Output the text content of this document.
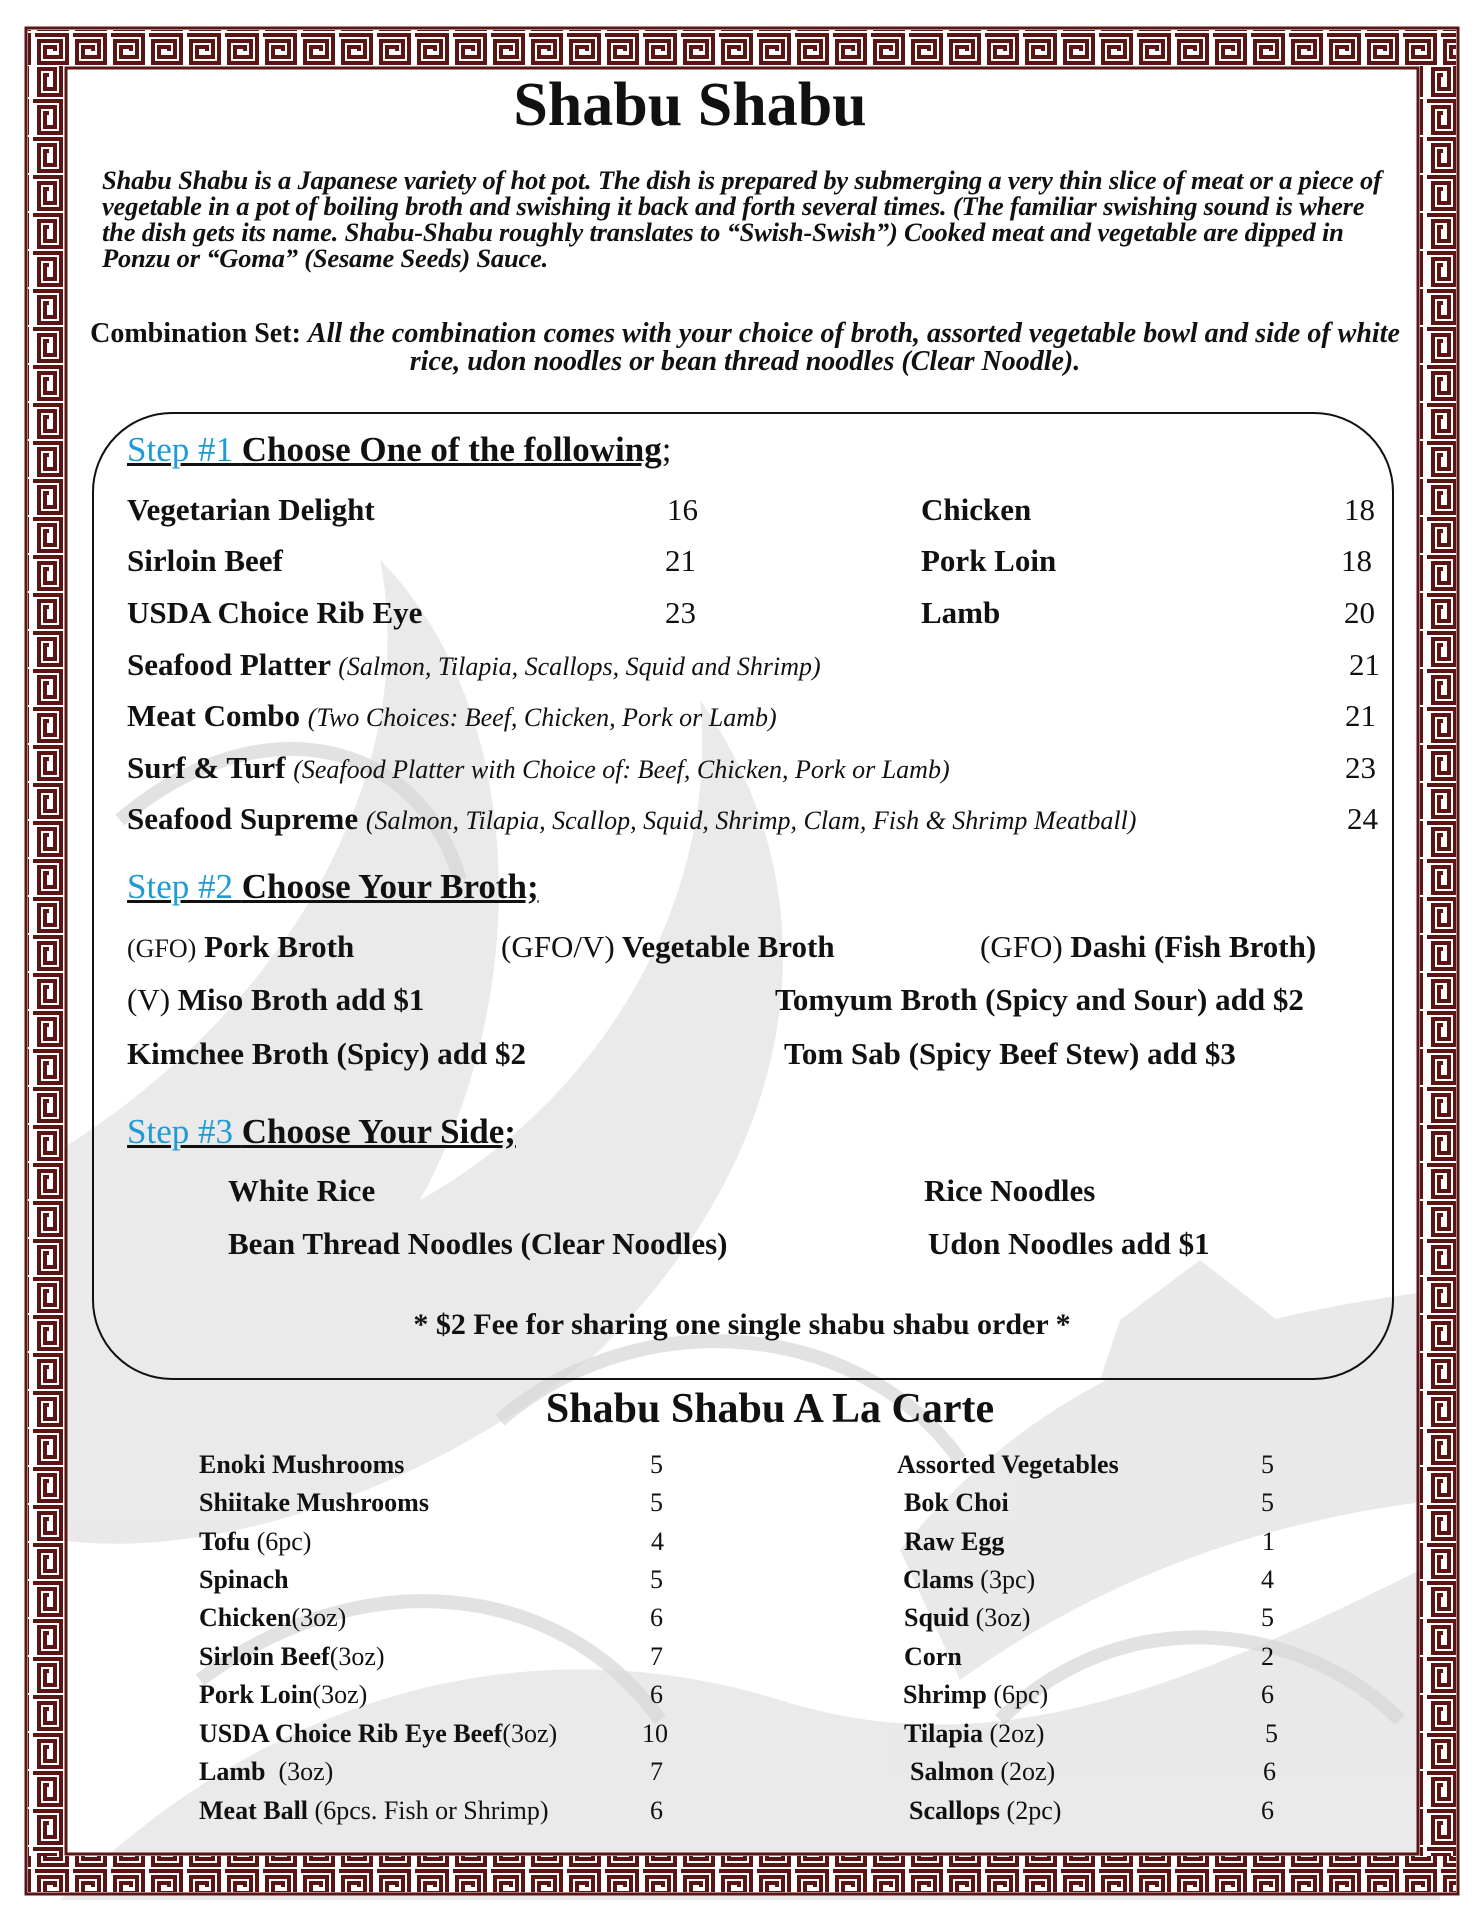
Shabu Shabu
Shabu Shabu is a Japanese variety of hot pot. The dish is prepared by submerging a very thin slice of meat or a piece of vegetable in a pot of boiling broth and swishing it back and forth several times. (The familiar swishing sound is where the dish gets its name. Shabu-Shabu roughly translates to “Swish-Swish”) Cooked meat and vegetable are dipped in Ponzu or “Goma” (Sesame Seeds) Sauce.
Combination Set: All the combination comes with your choice of broth, assorted vegetable bowl and side of white rice, udon noodles or bean thread noodles (Clear Noodle).
Step #1 Choose One of the following;
Vegetarian Delight	16	Chicken	18
Sirloin Beef	21	Pork Loin	18
USDA Choice Rib Eye	23	Lamb	20
Seafood Platter (Salmon, Tilapia, Scallops, Squid and Shrimp)	21
Meat Combo (Two Choices: Beef, Chicken, Pork or Lamb)	21
Surf & Turf (Seafood Platter with Choice of: Beef, Chicken, Pork or Lamb)	23
Seafood Supreme (Salmon, Tilapia, Scallop, Squid, Shrimp, Clam, Fish & Shrimp Meatball)	24
Step #2 Choose Your Broth;
(GFO) Pork Broth	(GFO/V) Vegetable Broth	(GFO) Dashi (Fish Broth)
(V) Miso Broth add $1	Tomyum Broth (Spicy and Sour) add $2
Kimchee Broth (Spicy) add $2	Tom Sab (Spicy Beef Stew) add $3
Step #3 Choose Your Side;
White Rice	Rice Noodles
Bean Thread Noodles (Clear Noodles)	Udon Noodles add $1
* $2 Fee for sharing one single shabu shabu order *
Shabu Shabu A La Carte
Enoki Mushrooms	5
Shiitake Mushrooms	5
Tofu (6pc)	4
Spinach	5
Chicken(3oz)	6
Sirloin Beef(3oz)	7
Pork Loin(3oz)	6
USDA Choice Rib Eye Beef(3oz)	10
Lamb  (3oz)	7
Meat Ball (6pcs. Fish or Shrimp)	6
Assorted Vegetables	5
Bok Choi	5
Raw Egg	1
Clams (3pc)	4
Squid (3oz)	5
Corn	2
Shrimp (6pc)	6
Tilapia (2oz)	5
Salmon (2oz)	6
Scallops (2pc)	6
